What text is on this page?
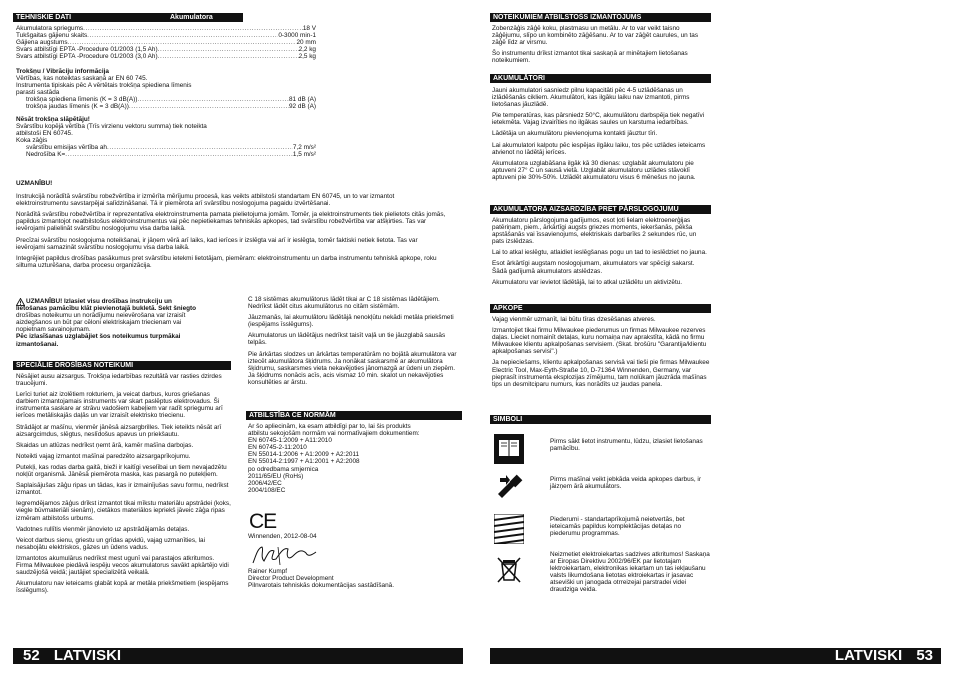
TEHNISKIE DATI	Akumulatora virzuļzāģis
Akumulatora spriegums .....	18 V
Tukšgaitas gājienu skaits .....	0-3000 min-1
Gājiena augstums .....	20 mm
Svars atbilstīgi EPTA -Procedure 01/2003 (1,5 Ah) .....	2,2 kg
Svars atbilstīgi EPTA -Procedure 01/2003 (3,0 Ah) .....	2,5 kg
Trokšņu / Vibrāciju informācija
Vērtības, kas noteiktas saskaņā ar EN 60 745.
Instrumenta tipiskais pēc A vērtētais trokšņa spiediena līmenis
parasti sastāda
trokšņa spiediena līmenis (K = 3 dB(A)) .....	81 dB (A)
trokšņa jaudas līmenis (K = 3 dB(A)) .....	92 dB (A)
Nēsāt trokšņa slāpētāju!
Svārstību kopējā vērtība (Trīs virzienu vektoru summa) tiek noteikta
atbilstoši EN 60745.
Koka zāģis
svārstību emisijas vērtība ah .....	7,2 m/s²
Nedrošība K= .....	1,5 m/s²
UZMANĪBU!
Instrukcijā norādītā svārstību robežvērtība ir izmērīta mērījumu procesā, kas veikts atbilstoši standartam EN 60745, un to var izmantot elektroinstrumentu savstarpējai salīdzināšanai. Tā ir piemērota arī svārstību noslogojuma pagaidu izvērtēšanai.
Norādītā svārstību robežvērtība ir reprezentatīva elektroinstrumenta pamata pielietojuma jomām. Tomēr, ja elektroinstruments tiek pielietots citās jomās, papildus izmantojot neatbilstošus elektroinstrumentus vai pēc nepietiekamas tehniskās apkopes, tad svārstību robežvērtība var atšķirties. Tas var ievērojami palielināt svārstību noslogojumu visa darba laikā.
Precīzai svārstību noslogojuma noteikšanai, ir jāņem vērā arī laiks, kad ierīces ir izslēgta vai arī ir ieslēgta, tomēr faktiski netiek lietota. Tas var ievērojami samazināt svārstību noslogojumu visa darba laikā.
Integrējiet papildus drošības pasākumus pret svārstību ietekmi lietotājam, piemēram: elektroinstrumentu un darba instrumentu tehniskā apkope, roku siltuma uzturēšana, darba procesu organizācija.
UZMANĪBU! Izlasiet visu drošības instrukciju un
lietošanas pamācību klāt pievienotajā bukletā. Sekt šniegto
drošības noteikumu un norādījumu neievērošana var izraisīt
aizdegšanos un būt par cēloni elektriskajam triecienam vai
nopietnam savainojumam.
Pēc izlasīšanas uzglabājiet šos noteikumus turpmākai
izmantošanai.
SPECIĀLIE DROŠĪBAS NOTEIKUMI
Nēsājiet ausu aizsargus. Trokšņa iedarbības rezultātā var rasties dzirdes traucējumi.
Lerīci turiet aiz izolētiem rokturiem, ja veicat darbus, kuros griešanas darbiem izmantojamais instruments var skart paslēptus elektrovadus. Ši instrumenta saskare ar strāvu vadošiem kabeļiem var radīt spriegumu arī ierīces metāliskajās daļās un var izraisīt elektrisko triecienu.
Strādājot ar mašīnu, vienmēr jānēsā aizsargbrilles. Tiek ieteikts nēsāt arī aizsargcimdus, slēgtus, neslīdošus apavus un priekšautu.
Skaidas un atlūzas nedrīkst ņemt ārā, kamēr mašīna darbojas.
Noteikti vajag izmantot mašīnai paredzēto aizsargaprīkojumu.
Putekļi, kas rodas darba gaitā, bieži ir kaitīgi veselībai un tiem nevajadzētu nokļūt organismā. Jānēsā piemērota maska, kas pasargā no putekļiem.
Saplaisājušas zāģu ripas un tādas, kas ir izmainījušas savu formu, nedrīkst izmantot.
Iegremdējamos zāģus drīkst izmantot tikai mīkstu materiālu apstrādei (koks, viegle būvmateriāli sienām), cietākos materiālos iepriekš jāveic zāģa ripas izmēram atbilstošs urbums.
Vadotnes rullītis vienmēr jānovieto uz apstrādājamās detaļas.
Veicot darbus sienu, griestu un grīdas apvidū, vajag uzmanīties, lai nesabojātu elektriskos, gāzes un ūdens vadus.
Izmantotos akumulārus nedrīkst mest ugunī vai parastajos atkritumos. Firma Milwaukee piedāvā iespēju vecos akumulatorus savākt apkārtējo vidi saudzējošā veidā; jautājiet specializētā veikalā.
Akumulatoru nav ieteicams glabāt kopā ar metāla priekšmetiem (iespējams īsslēgums).
C 18 sistēmas akumulātorus lādēt tikai ar C 18 sistēmas lādētājiem. Nedrīkst lādēt citus akumulātorus no citām sistēmām.
Jāuzmanās, lai akumulātoru lādētājā nenokļūtu nekādi metāla priekšmeti (iespējams īsslēgums).
Akumulatorus un lādētājus nedrīkst taisīt vaļā un tie jāuzglabā sausās telpās.
Pie ārkārtas slodzes un ārkārtas temperatūrām no bojātā akumulātora var iztecēt akumulātora šķidrums. Ja nonākat saskarsmē ar akumulātora šķidrumu, saskarsmes vieta nekavējoties jānomazgā ar ūdeni un ziepēm. Ja šķidrums nonācis acīs, acis vismaz 10 min. skalot un nekavējoties konsultēties ar ārstu.
ATBILSTĪBA CE NORMĀM
Ar šo apliecinām, ka esam atbildīgi par to, lai šis produkts
atbilstu sekojošām normām vai normatīvajiem dokumentiem:
EN 60745-1:2009 + A11:2010
EN 60745-2-11:2010
EN 55014-1:2006 + A1:2009 + A2:2011
EN 55014-2:1997 + A1:2001 + A2:2008
po odredbama smjernica
2011/65/EU (RoHs)
2006/42/EC
2004/108/EC
CE
Winnenden, 2012-08-04
Rainer Kumpf
Director Product Development
Pilnvarotais tehniskās dokumentācijas sastādīšanā.
52 LATVISKI
NOTEIKUMIEM ATBILSTOŠS IZMANTOJUMS
Zobenzāģis zāģē koku, plastmasu un metālu. Ar to var veikt taisno zāģējumu, slīpo un kombinēto zāģēšanu. Ar to var zāģēt caurules, un tas zāģē līdz ar virsmu.
Šo instrumentu drīkst izmantot tikai saskaņā ar minētajiem lietošanas noteikumiem.
AKUMULĀTORI
Jauni akumulatori sasniedz pilnu kapacitāti pēc 4-5 uzlādēšanas un izlādēšanās cikliem. Akumulātori, kas ilgāku laiku nav izmantoti, pirms lietošanas jāuzlādē.
Pie temperatūras, kas pārsniedz 50°C, akumulātoru darbspēja tiek negatīvi ietekmēta. Vajag izvairīties no ilgākas saules un karstuma iedarbības.
Lādētāja un akumulātoru pievienojuma kontakti jāuztur tīri.
Lai akumulatori kalpotu pēc iespējas ilgāku laiku, tos pēc uzlādes ieteicams atvienot no lādētāj ierīces.
Akumulatora uzglabāšana ilgāk kā 30 dienas: uzglabāt akumulatoru pie aptuveni 27° C un sausā vietā. Uzglabāt akumulatoru uzlādes stāvoklī aptuveni pie 30%-50%. Uzlādēt akumulatoru visus 6 mēnešus no jauna.
AKUMULATORA AIZSARDZĪBA PRET PĀRSLOGOJUMU
Akumulatoru pārslogojuma gadījumos, esot ļoti lielam elektroenerģijas patēriņam, piem., ārkārtīgi augsts griezes moments, iekeršanās, pēkša apstāšanās vai īssavienojums, elektriskais darbarīks 2 sekundes rūc, un pats izslēdzas.
Lai to atkal ieslēgtu, atlaidiet ieslēgšanas pogu un tad to ieslēdziet no jauna.
Esot ārkārtīgi augstam noslogojumam, akumulators var spēcīgi sakarst. Šādā gadījumā akumulators atslēdzas.
Akumulatoru var ievietot lādētājā, lai to atkal uzlādētu un aktivizētu.
APKOPE
Vajag vienmēr uzmanīt, lai būtu tīras dzesēšanas atveres.
Izmantojiet tikai firmu Milwaukee piederumus un firmas Milwaukee rezerves daļas. Lieciet nomainīt detaļas, kuru nomaiņa nav aprakstīta, kādā no firmu Milwaukee klientu apkalpošanas servisiem. (Skat. brošūru "Garantija/klientu apkalpošanas servisi".)
Ja nepieciešams, klientu apkalpošanas servisā vai tieši pie firmas Milwaukee Electric Tool, Max-Eyth-Straße 10, D-71364 Winnenden, Germany, var pieprasīt instrumenta eksplozijas zīmējumu, tam nolūkam jāuzrāda mašīnas tips un desmitciparu numurs, kas norādīts uz jaudas panela.
SIMBOLI
Pirms sākt lietot instrumentu, lūdzu, izlasiet lietošanas pamācību.
Pirms mašīnai veikt jebkāda veida apkopes darbus, ir jāizņem ārā akumulātors.
Piederumi - standartaprīkojumā neietvertās, bet ieteicamās papildus komplektācijas detaļas no piederumu programmas.
Neizmetiet elektroiekartas sadzives atkritumos! Saskaņa ar Eiropas Direktivu 2002/96/EK par lietotajam lektroiekartam, elektronikas iekartam un tas iekļaušanu valsts likumdošana lietotas ektroiekartas ir jasavac atseviški un janogada otrreizejai parstradei videi draudziga veida.
LATVISKI 53
